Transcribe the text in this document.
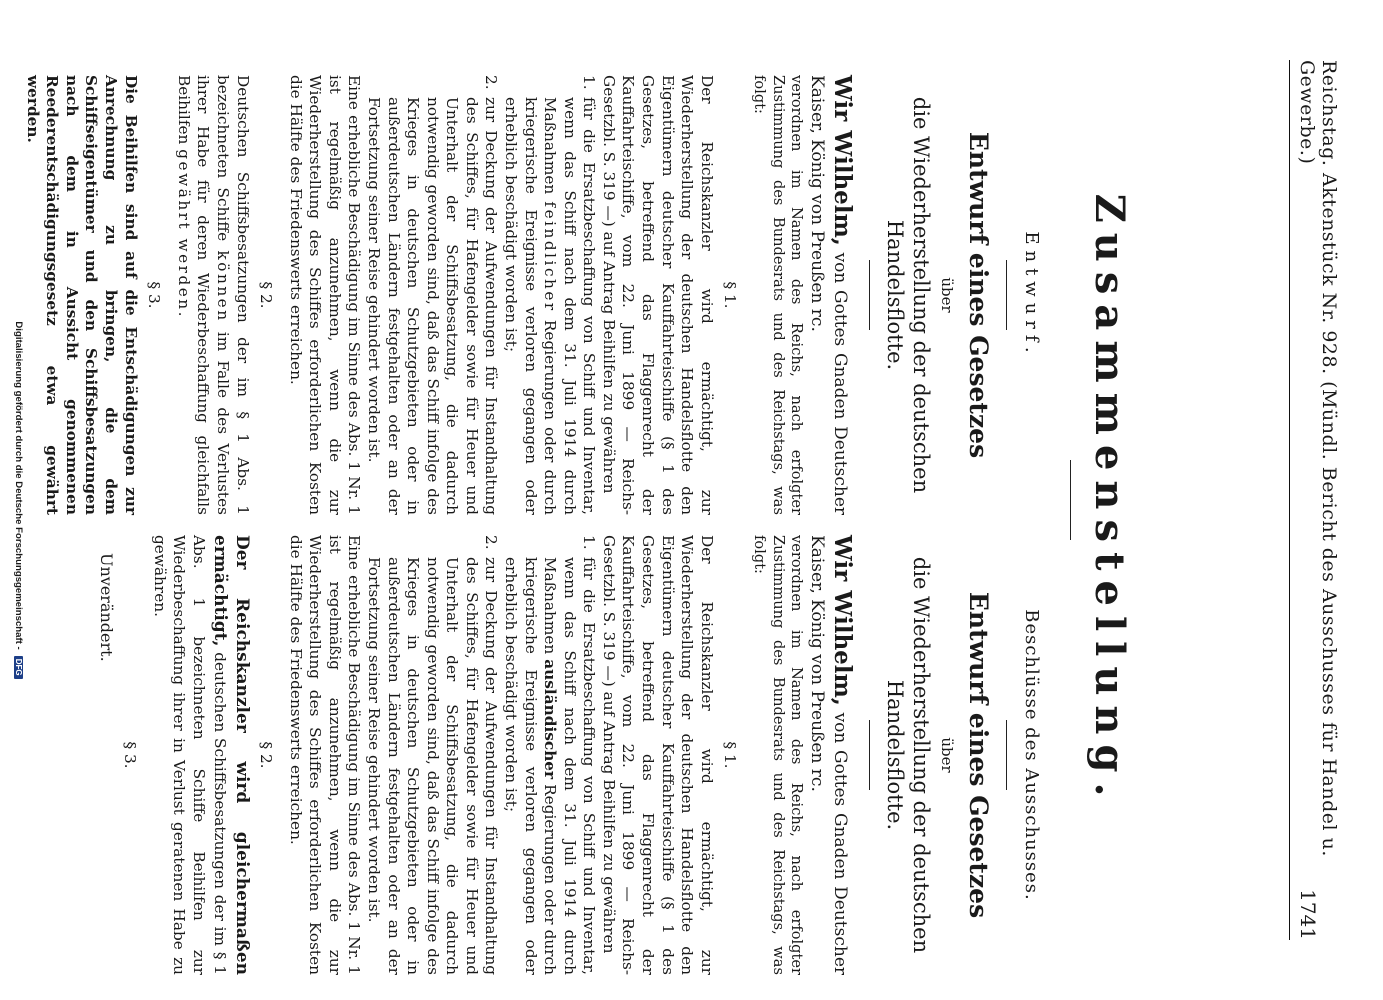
Reichstag. Aktenstück Nr. 928. (Mündl. Bericht des Ausschusses für Handel u. Gewerbe.)
1741
Zusammenstellung.
Entwurf.
Entwurf eines Gesetzes
über
die Wiederherstellung der deutschen Handelsflotte.

Wir Wilhelm, von Gottes Gnaden Deutscher Kaiser, König von Preußen rc.

verordnen im Namen des Reichs, nach erfolgter Zustimmung des Bundesrats und des Reichstags, was folgt:

§ 1.

Der Reichskanzler wird ermächtigt, zur Wiederherstellung der deutschen Handelsflotte den Eigentümern deutscher Kauffahrteischiffe (§ 1 des Gesetzes, betreffend das Flaggenrecht der Kauffahrteischiffe, vom 22. Juni 1899 — Reichs-Gesetzbl. S. 319 —) auf Antrag Beihilfen zu gewähren

1.
für die Ersatzbeschaffung von Schiff und Inventar, wenn das Schiff nach dem 31. Juli 1914 durch Maßnahmen feindlicher Regierungen oder durch kriegerische Ereignisse verloren gegangen oder erheblich beschädigt worden ist;
2.
zur Deckung der Aufwendungen für Instandhaltung des Schiffes, für Hafengelder sowie für Heuer und Unterhalt der Schiffsbesatzung, die dadurch notwendig geworden sind, daß das Schiff infolge des Krieges in deutschen Schutzgebieten oder in außerdeutschen Ländern festgehalten oder an der Fortsetzung seiner Reise gehindert worden ist.

Eine erhebliche Beschädigung im Sinne des Abs. 1 Nr. 1 ist regelmäßig anzunehmen, wenn die zur Wiederherstellung des Schiffes erforderlichen Kosten die Hälfte des Friedenswerts erreichen.

§ 2.

Deutschen Schiffsbesatzungen der im § 1 Abs. 1 bezeichneten Schiffe können im Falle des Verlustes ihrer Habe für deren Wiederbeschaffung gleichfalls Beihilfen gewährt werden.

§ 3.

Die Beihilfen sind auf die Entschädigungen zur Anrechnung zu bringen, die dem Schiffseigentümer und den Schiffsbesatzungen nach dem in Aussicht genommenen Reederentschädigungsgesetz etwa gewährt werden.

Beschlüsse des Ausschusses.
Entwurf eines Gesetzes
über
die Wiederherstellung der deutschen Handelsflotte.

Wir Wilhelm, von Gottes Gnaden Deutscher Kaiser, König von Preußen rc.

verordnen im Namen des Reichs, nach erfolgter Zustimmung des Bundesrats und des Reichstags, was folgt:

§ 1.

Der Reichskanzler wird ermächtigt, zur Wiederherstellung der deutschen Handelsflotte den Eigentümern deutscher Kauffahrteischiffe (§ 1 des Gesetzes, betreffend das Flaggenrecht der Kauffahrteischiffe, vom 22. Juni 1899 — Reichs-Gesetzbl. S. 319 —) auf Antrag Beihilfen zu gewähren

1.
für die Ersatzbeschaffung von Schiff und Inventar, wenn das Schiff nach dem 31. Juli 1914 durch Maßnahmen ausländischer Regierungen oder durch kriegerische Ereignisse verloren gegangen oder erheblich beschädigt worden ist;
2.
zur Deckung der Aufwendungen für Instandhaltung des Schiffes, für Hafengelder sowie für Heuer und Unterhalt der Schiffsbesatzung, die dadurch notwendig geworden sind, daß das Schiff infolge des Krieges in deutschen Schutzgebieten oder in außerdeutschen Ländern festgehalten oder an der Fortsetzung seiner Reise gehindert worden ist.

Eine erhebliche Beschädigung im Sinne des Abs. 1 Nr. 1 ist regelmäßig anzunehmen, wenn die zur Wiederherstellung des Schiffes erforderlichen Kosten die Hälfte des Friedenswerts erreichen.

§ 2.

Der Reichskanzler wird gleichermaßen ermächtigt, deutschen Schiffsbesatzungen der im § 1 Abs. 1 bezeichneten Schiffe Beihilfen zur Wiederbeschaffung ihrer in Verlust geratenen Habe zu gewähren.

§ 3.

Unverändert.

Digitalisierung gefördert durch die Deutsche Forschungsgemeinschaft -
DFG
